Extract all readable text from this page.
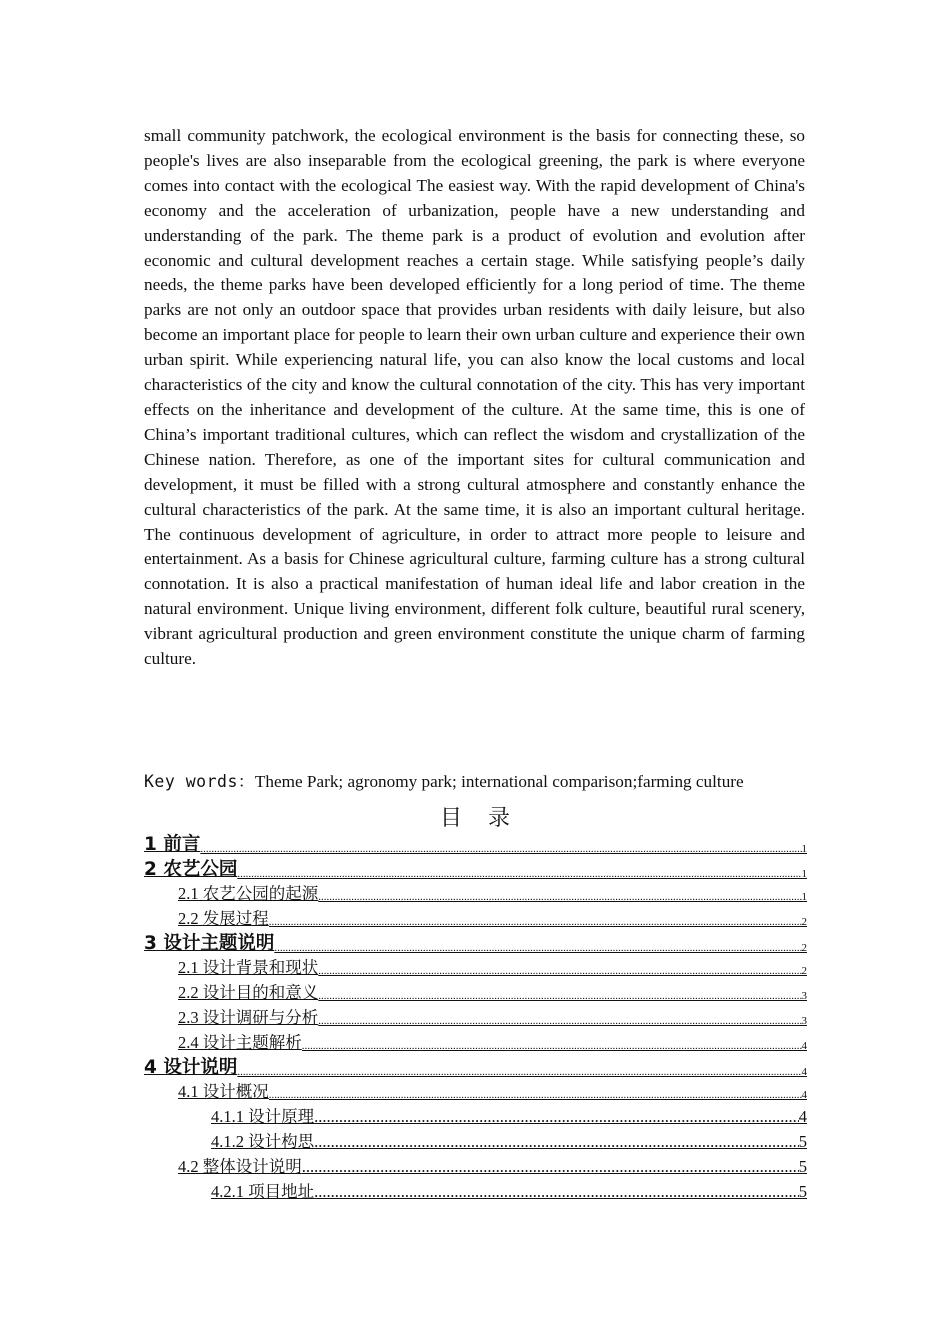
small community patchwork, the ecological environment is the basis for connecting these, so people's lives are also inseparable from the ecological greening, the park is where everyone comes into contact with the ecological The easiest way. With the rapid development of China's economy and the acceleration of urbanization, people have a new understanding and understanding of the park. The theme park is a product of evolution and evolution after economic and cultural development reaches a certain stage. While satisfying people’s daily needs, the theme parks have been developed efficiently for a long period of time. The theme parks are not only an outdoor space that provides urban residents with daily leisure, but also become an important place for people to learn their own urban culture and experience their own urban spirit. While experiencing natural life, you can also know the local customs and local characteristics of the city and know the cultural connotation of the city. This has very important effects on the inheritance and development of the culture. At the same time, this is one of China’s important traditional cultures, which can reflect the wisdom and crystallization of the Chinese nation. Therefore, as one of the important sites for cultural communication and development, it must be filled with a strong cultural atmosphere and constantly enhance the cultural characteristics of the park. At the same time, it is also an important cultural heritage. The continuous development of agriculture, in order to attract more people to leisure and entertainment. As a basis for Chinese agricultural culture, farming culture has a strong cultural connotation. It is also a practical manifestation of human ideal life and labor creation in the natural environment. Unique living environment, different folk culture, beautiful rural scenery, vibrant agricultural production and green environment constitute the unique charm of farming culture.

Key words：Theme Park; agronomy park; international comparison;farming culture
目录
1 前言 .....	1
2 农艺公园 .....	1
2.1 农艺公园的起源 .....	1
2.2 发展过程 .....	2
3 设计主题说明 .....	2
2.1 设计背景和现状 .....	2
2.2 设计目的和意义 .....	3
2.3 设计调研与分析 .....	3
2.4 设计主题解析 .....	4
4 设计说明 .....	4
4.1 设计概况 .....	4
4.1.1 设计原理 .....	4
4.1.2 设计构思 .....	5
4.2 整体设计说明 .....	5
4.2.1 项目地址 .....	5
